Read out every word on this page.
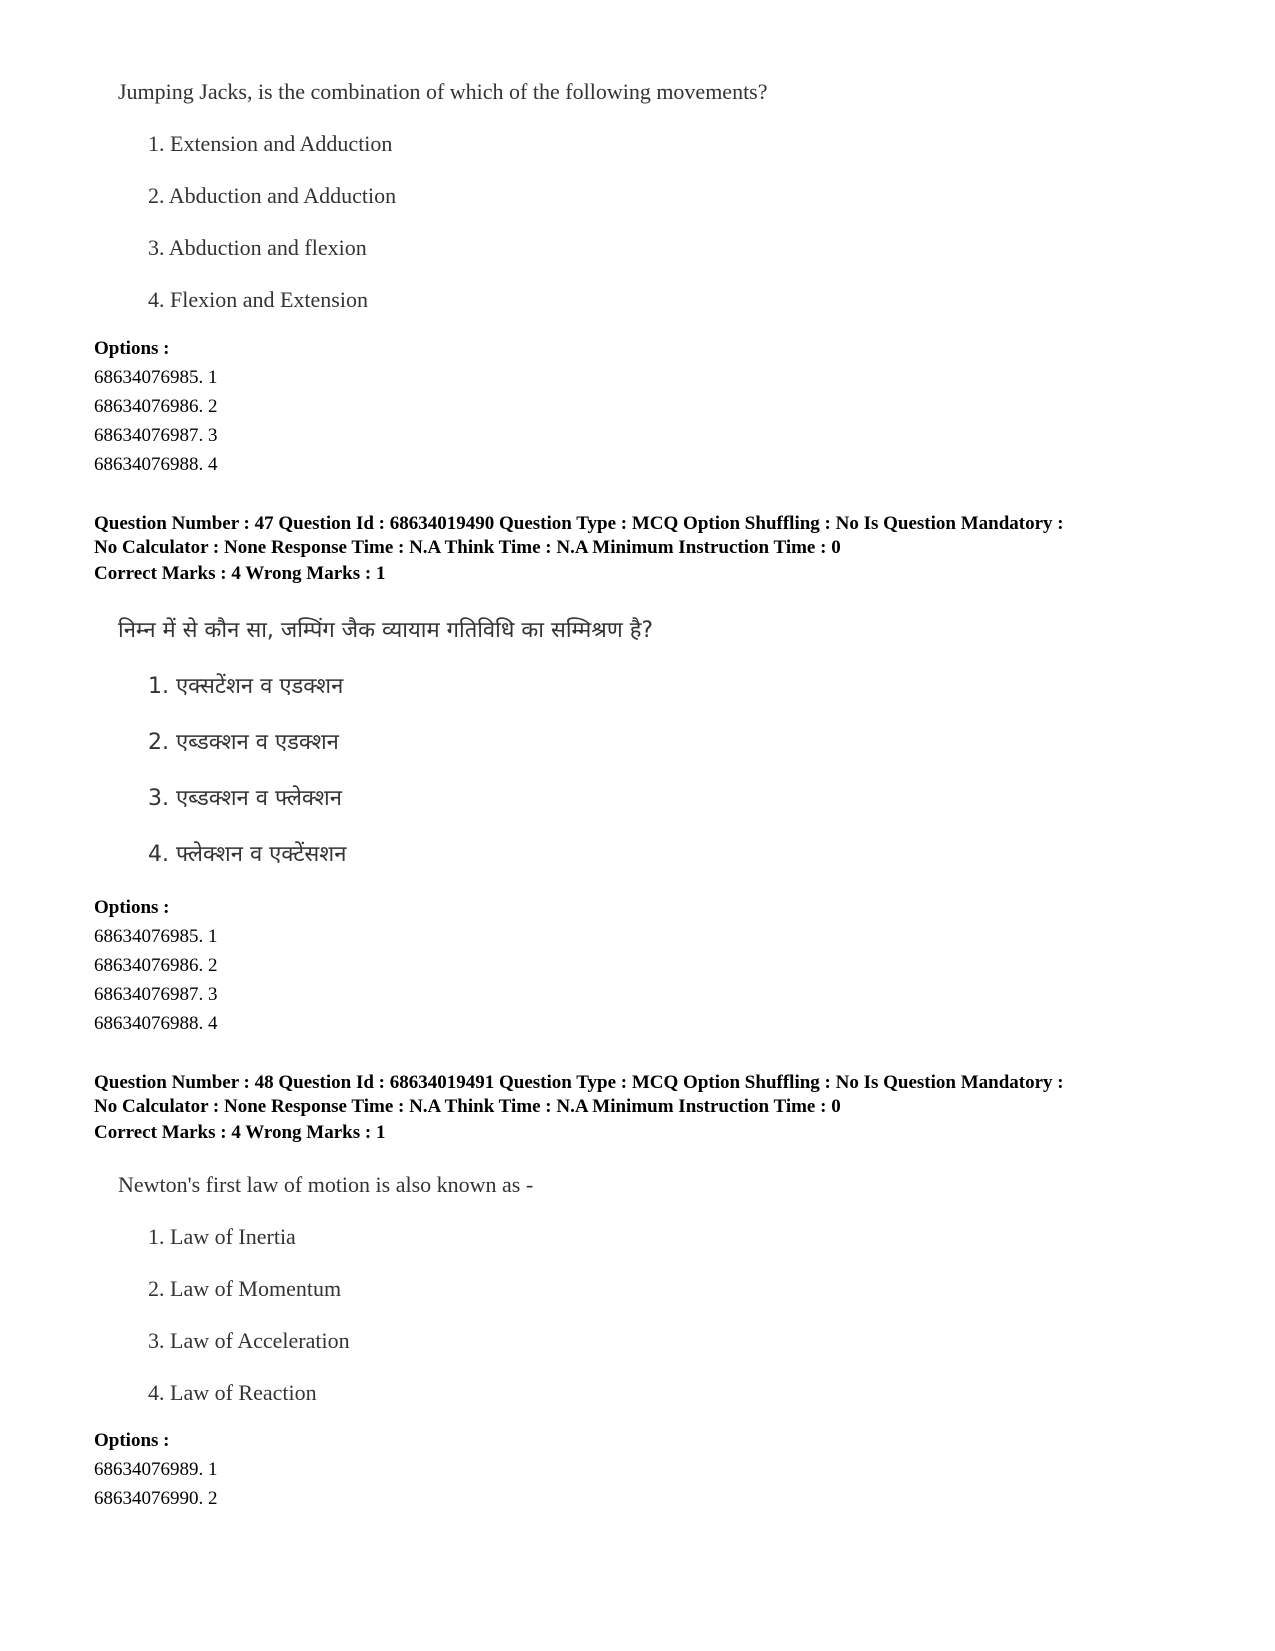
Jumping Jacks, is the combination of which of the following movements?

1. Extension and Adduction
2. Abduction and Adduction
3. Abduction and flexion
4. Flexion and Extension
Options :
68634076985. 1
68634076986. 2
68634076987. 3
68634076988. 4
Question Number : 47 Question Id : 68634019490 Question Type : MCQ Option Shuffling : No Is Question Mandatory :
No Calculator : None Response Time : N.A Think Time : N.A Minimum Instruction Time : 0
Correct Marks : 4 Wrong Marks : 1

निम्न में से कौन सा, जम्पिंग जैक व्यायाम गतिविधि का सम्मिश्रण है?

1. एक्सटेंशन व एडक्शन
2. एब्डक्शन व एडक्शन
3. एब्डक्शन व फ्लेक्शन
4. फ्लेक्शन व एक्टेंसशन
Options :
68634076985. 1
68634076986. 2
68634076987. 3
68634076988. 4
Question Number : 48 Question Id : 68634019491 Question Type : MCQ Option Shuffling : No Is Question Mandatory :
No Calculator : None Response Time : N.A Think Time : N.A Minimum Instruction Time : 0
Correct Marks : 4 Wrong Marks : 1

Newton's first law of motion is also known as -

1. Law of Inertia
2. Law of Momentum
3. Law of Acceleration
4. Law of Reaction
Options :
68634076989. 1
68634076990. 2
